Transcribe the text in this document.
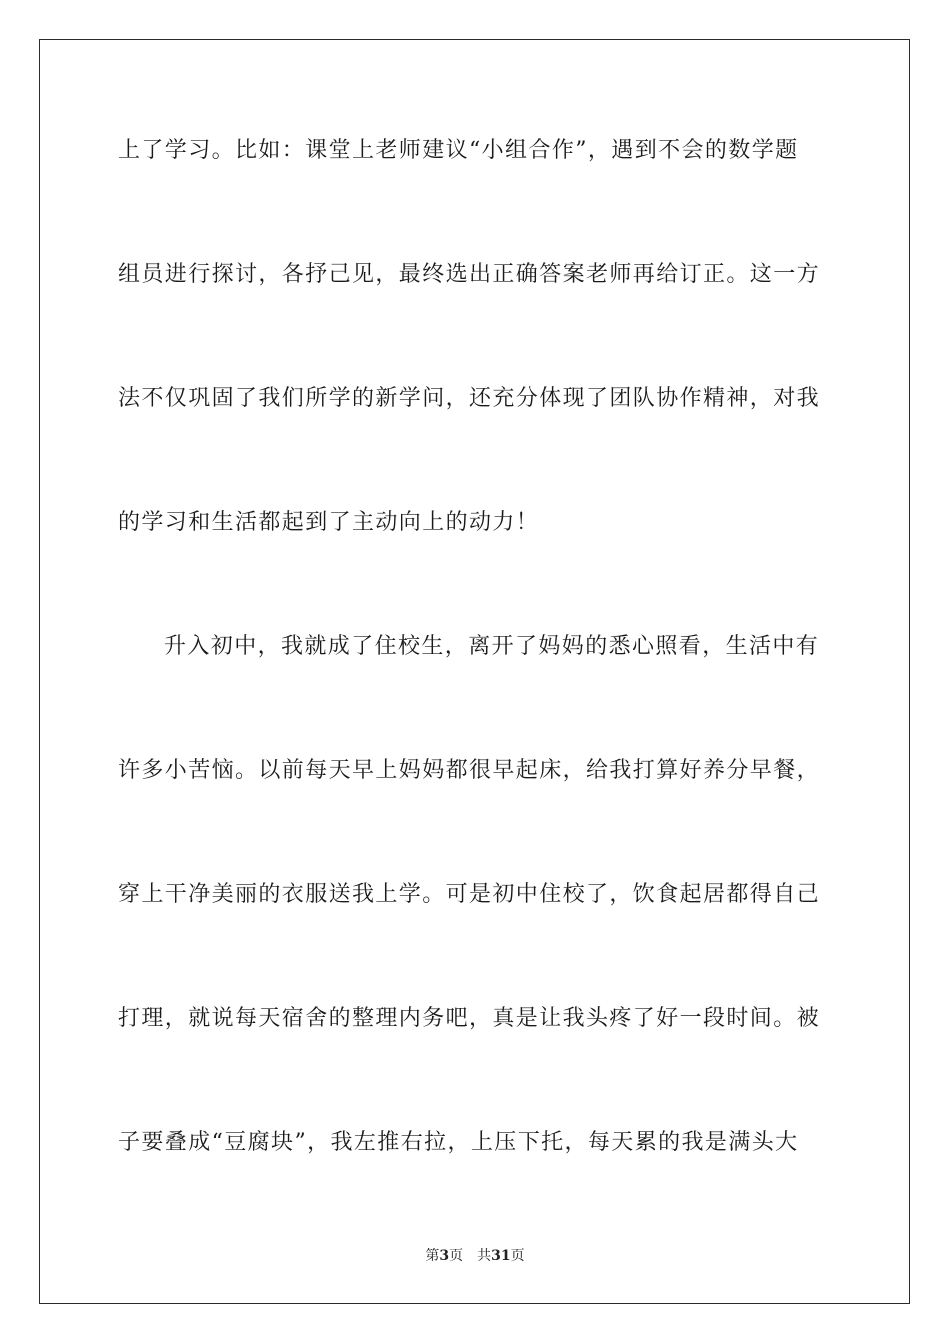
上了学习。比如：课堂上老师建议“小组合作”，遇到不会的数学题
组员进行探讨，各抒己见，最终选出正确答案老师再给订正。这一方
法不仅巩固了我们所学的新学问，还充分体现了团队协作精神，对我
的学习和生活都起到了主动向上的动力！
升入初中，我就成了住校生，离开了妈妈的悉心照看，生活中有
许多小苦恼。以前每天早上妈妈都很早起床，给我打算好养分早餐，
穿上干净美丽的衣服送我上学。可是初中住校了，饮食起居都得自己
打理，就说每天宿舍的整理内务吧，真是让我头疼了好一段时间。被
子要叠成“豆腐块”，我左推右拉，上压下托，每天累的我是满头大
第3页 共31页
